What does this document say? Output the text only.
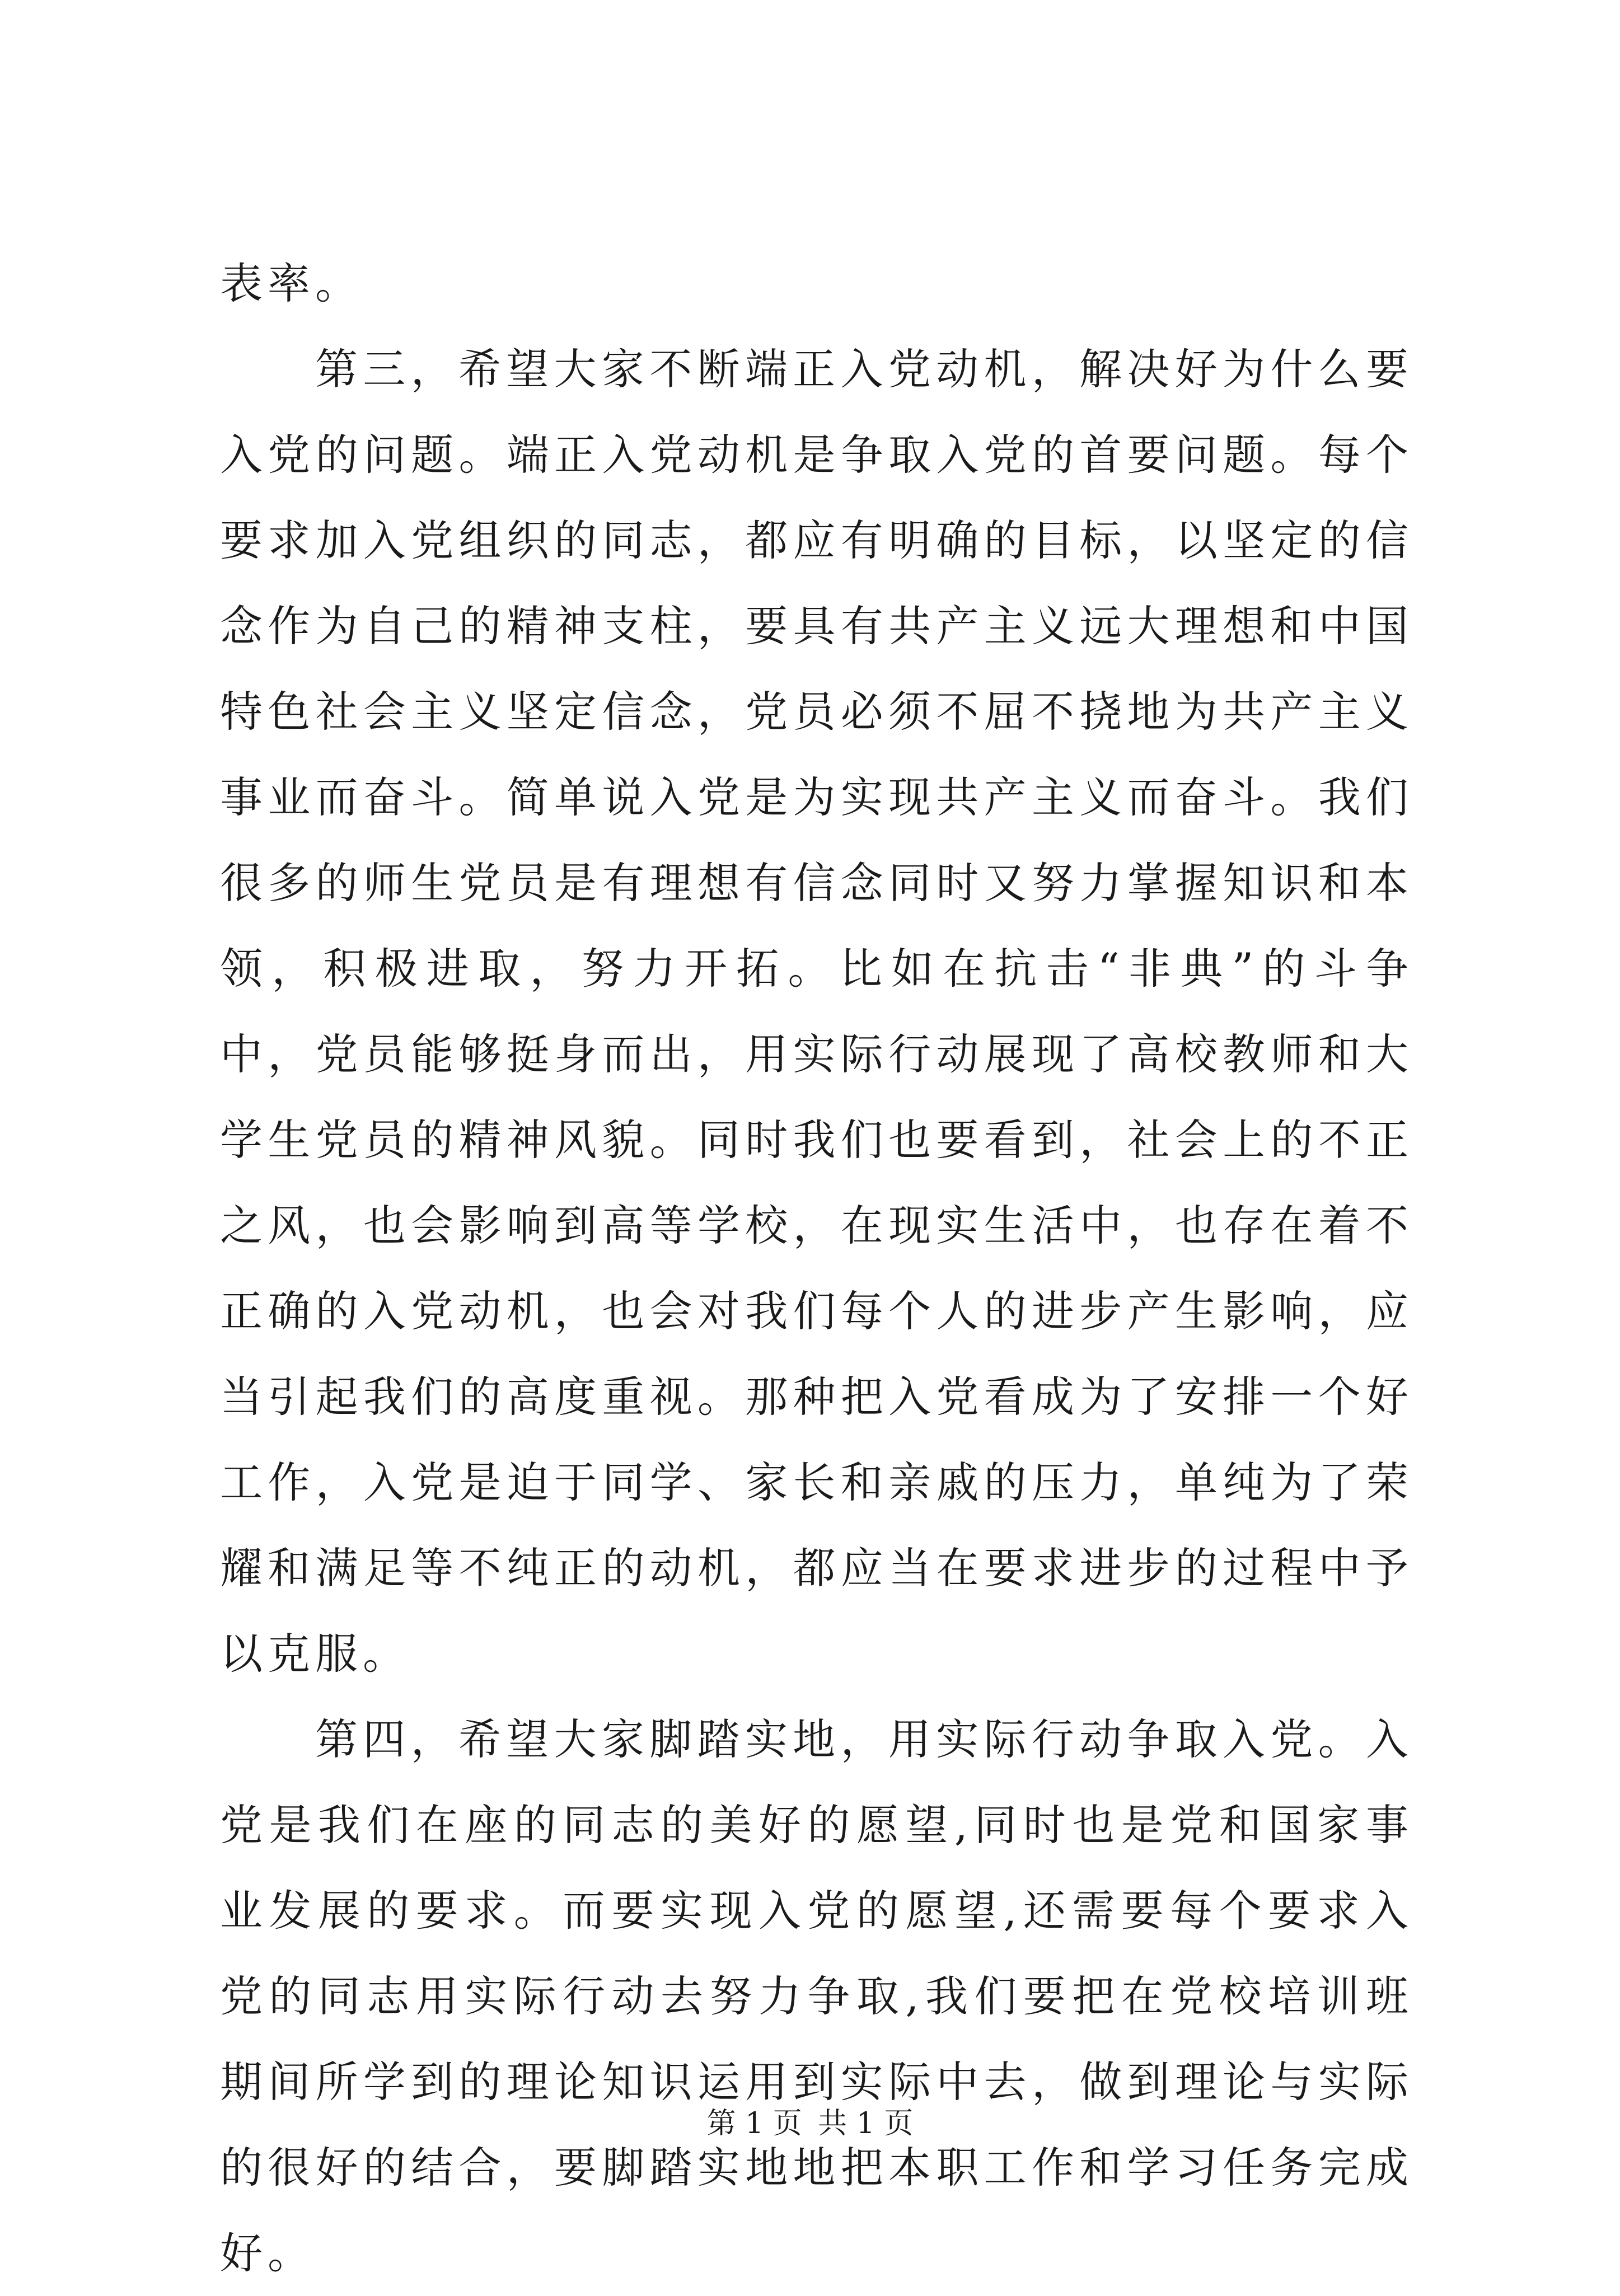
表率。

第三，希望大家不断端正入党动机，解决好为什么要入党的问题。端正入党动机是争取入党的首要问题。每个要求加入党组织的同志，都应有明确的目标，以坚定的信念作为自己的精神支柱，要具有共产主义远大理想和中国特色社会主义坚定信念，党员必须不屈不挠地为共产主义事业而奋斗。简单说入党是为实现共产主义而奋斗。我们很多的师生党员是有理想有信念同时又努力掌握知识和本领，积极进取，努力开拓。比如在抗击“非典”的斗争中，党员能够挺身而出，用实际行动展现了高校教师和大学生党员的精神风貌。同时我们也要看到，社会上的不正之风，也会影响到高等学校，在现实生活中，也存在着不正确的入党动机，也会对我们每个人的进步产生影响，应当引起我们的高度重视。那种把入党看成为了安排一个好工作，入党是迫于同学、家长和亲戚的压力，单纯为了荣耀和满足等不纯正的动机，都应当在要求进步的过程中予以克服。

第四，希望大家脚踏实地，用实际行动争取入党。入党是我们在座的同志的美好的愿望,同时也是党和国家事业发展的要求。而要实现入党的愿望,还需要每个要求入党的同志用实际行动去努力争取,我们要把在党校培训班期间所学到的理论知识运用到实际中去，做到理论与实际的很好的结合，要脚踏实地地把本职工作和学习任务完成好。

第 1 页 共 1 页
